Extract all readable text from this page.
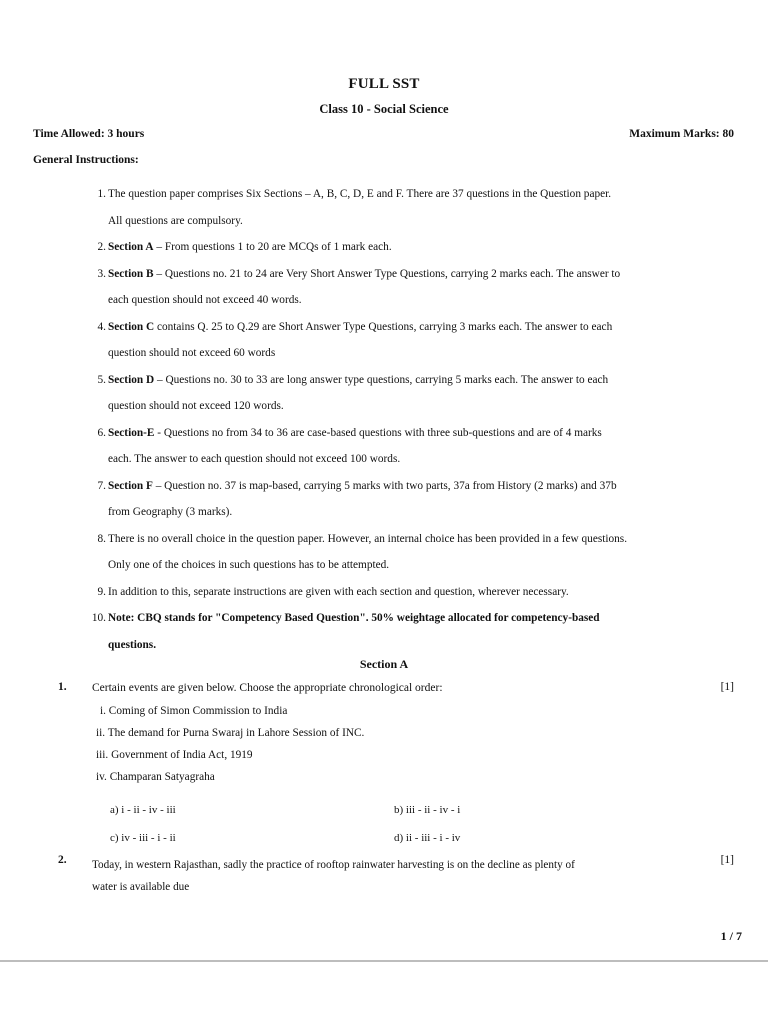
FULL SST
Class 10 - Social Science
Time Allowed: 3 hours	Maximum Marks: 80
General Instructions:
1. The question paper comprises Six Sections – A, B, C, D, E and F. There are 37 questions in the Question paper.
All questions are compulsory.
2. Section A – From questions 1 to 20 are MCQs of 1 mark each.
3. Section B – Questions no. 21 to 24 are Very Short Answer Type Questions, carrying 2 marks each. The answer to
each question should not exceed 40 words.
4. Section C contains Q. 25 to Q.29 are Short Answer Type Questions, carrying 3 marks each. The answer to each
question should not exceed 60 words
5. Section D – Questions no. 30 to 33 are long answer type questions, carrying 5 marks each. The answer to each
question should not exceed 120 words.
6. Section-E - Questions no from 34 to 36 are case-based questions with three sub-questions and are of 4 marks
each. The answer to each question should not exceed 100 words.
7. Section F – Question no. 37 is map-based, carrying 5 marks with two parts, 37a from History (2 marks) and 37b
from Geography (3 marks).
8. There is no overall choice in the question paper. However, an internal choice has been provided in a few questions.
Only one of the choices in such questions has to be attempted.
9. In addition to this, separate instructions are given with each section and question, wherever necessary.
10. Note: CBQ stands for "Competency Based Question". 50% weightage allocated for competency-based
questions.
Section A
1. Certain events are given below. Choose the appropriate chronological order:	[1]
i. Coming of Simon Commission to India
ii. The demand for Purna Swaraj in Lahore Session of INC.
iii. Government of India Act, 1919
iv. Champaran Satyagraha
a) i - ii - iv - iii	b) iii - ii - iv - i
c) iv - iii - i - ii	d) ii - iii - i - iv
2. Today, in western Rajasthan, sadly the practice of rooftop rainwater harvesting is on the decline as plenty of
water is available due
[1]
1 / 7
